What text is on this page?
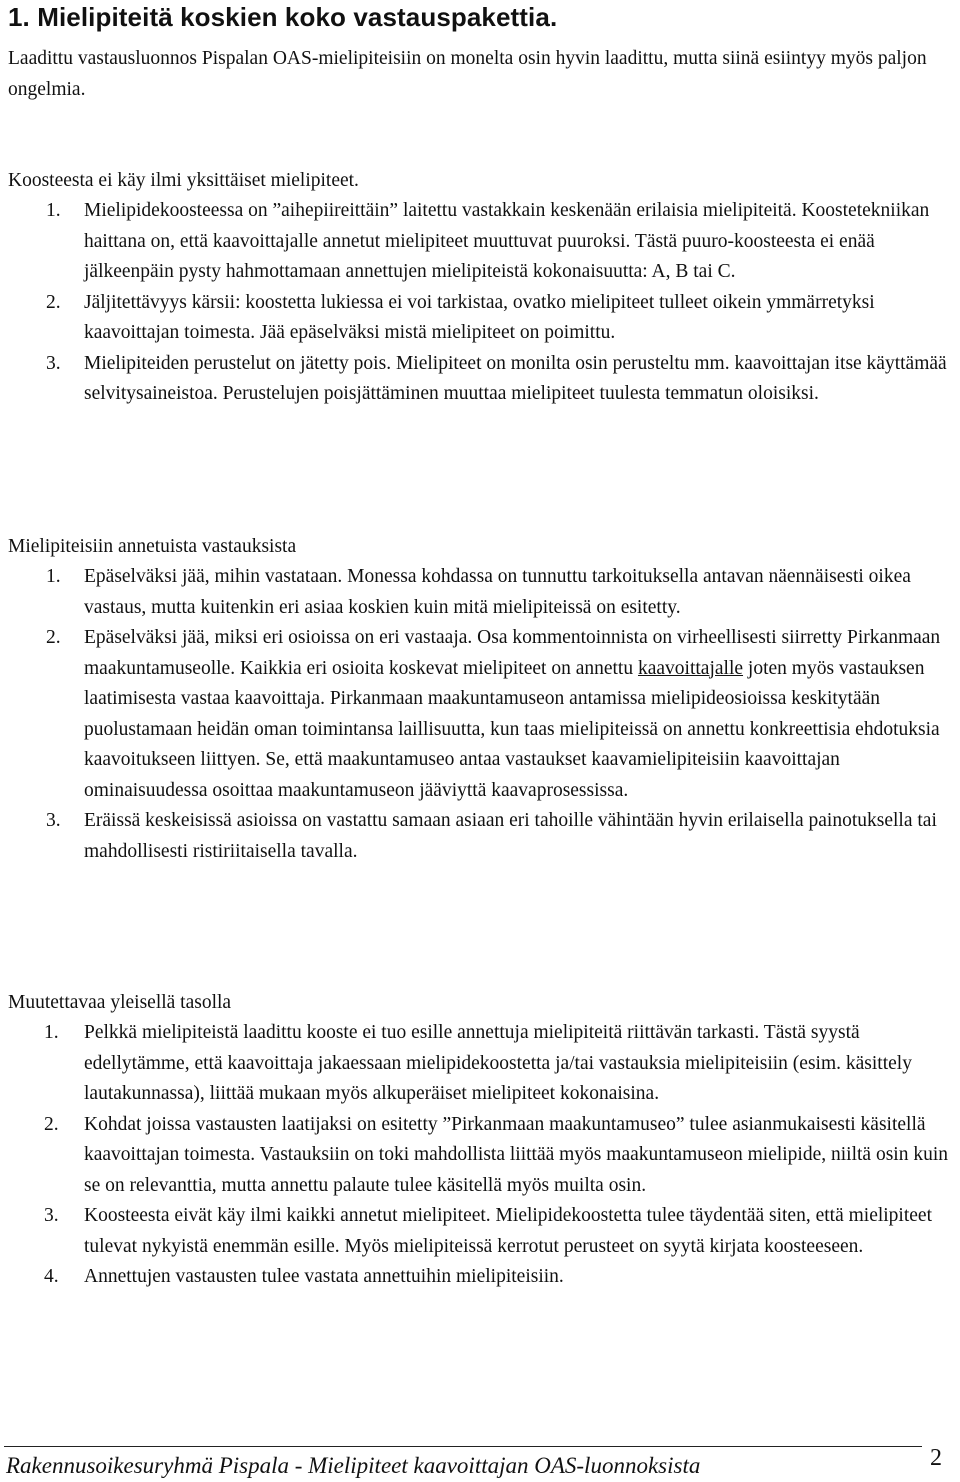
1. Mielipiteitä koskien koko vastauspakettia.

Laadittu vastausluonnos Pispalan OAS-mielipiteisiin on monelta osin hyvin laadittu, mutta siinä esiintyy myös paljon ongelmia.

Koosteesta ei käy ilmi yksittäiset mielipiteet.

1. Mielipidekoosteessa on ”aihepiireittäin” laitettu vastakkain keskenään erilaisia mielipiteitä. Koostetekniikan haittana on, että kaavoittajalle annetut mielipiteet muuttuvat puuroksi. Tästä puuro-koosteesta ei enää jälkeenpäin pysty hahmottamaan annettujen mielipiteistä kokonaisuutta: A, B tai C.
2. Jäljitettävyys kärsii: koostetta lukiessa ei voi tarkistaa, ovatko mielipiteet tulleet oikein ymmärretyksi kaavoittajan toimesta. Jää epäselväksi mistä mielipiteet on poimittu.
3. Mielipiteiden perustelut on jätetty pois. Mielipiteet on monilta osin perusteltu mm. kaavoittajan itse käyttämää selvitysaineistoa. Perustelujen poisjättäminen muuttaa mielipiteet tuulesta temmatun oloisiksi.

Mielipiteisiin annetuista vastauksista

1. Epäselväksi jää, mihin vastataan. Monessa kohdassa on tunnuttu tarkoituksella antavan näennäisesti oikea vastaus, mutta kuitenkin eri asiaa koskien kuin mitä mielipiteissä on esitetty.
2. Epäselväksi jää, miksi eri osioissa on eri vastaaja. Osa kommentoinnista on virheellisesti siirretty Pirkanmaan maakuntamuseolle. Kaikkia eri osioita koskevat mielipiteet on annettu kaavoittajalle joten myös vastauksen laatimisesta vastaa kaavoittaja. Pirkanmaan maakuntamuseon antamissa mielipideosioissa keskitytään puolustamaan heidän oman toimintansa laillisuutta, kun taas mielipiteissä on annettu konkreettisia ehdotuksia kaavoitukseen liittyen. Se, että maakuntamuseo antaa vastaukset kaavamielipiteisiin kaavoittajan ominaisuudessa osoittaa maakuntamuseon jääviyttä kaavaprosessissa.
3. Eräissä keskeisissä asioissa on vastattu samaan asiaan eri tahoille vähintään hyvin erilaisella painotuksella tai mahdollisesti ristiriitaisella tavalla.

Muutettavaa yleisellä tasolla

1. Pelkkä mielipiteistä laadittu kooste ei tuo esille annettuja mielipiteitä riittävän tarkasti. Tästä syystä edellytämme, että kaavoittaja jakaessaan mielipidekoostetta ja/tai vastauksia mielipiteisiin (esim. käsittely lautakunnassa), liittää mukaan myös alkuperäiset mielipiteet kokonaisina.
2. Kohdat joissa vastausten laatijaksi on esitetty ”Pirkanmaan maakuntamuseo” tulee asianmukaisesti käsitellä kaavoittajan toimesta. Vastauksiin on toki mahdollista liittää myös maakuntamuseon mielipide, niiltä osin kuin se on relevanttia, mutta annettu palaute tulee käsitellä myös muilta osin.
3. Koosteesta eivät käy ilmi kaikki annetut mielipiteet. Mielipidekoostetta tulee täydentää siten, että mielipiteet tulevat nykyistä enemmän esille. Myös mielipiteissä kerrotut perusteet on syytä kirjata koosteeseen.
4. Annettujen vastausten tulee vastata annettuihin mielipiteisiin.
Rakennusoikesuryhmä Pispala - Mielipiteet kaavoittajan OAS-luonnoksista	2
